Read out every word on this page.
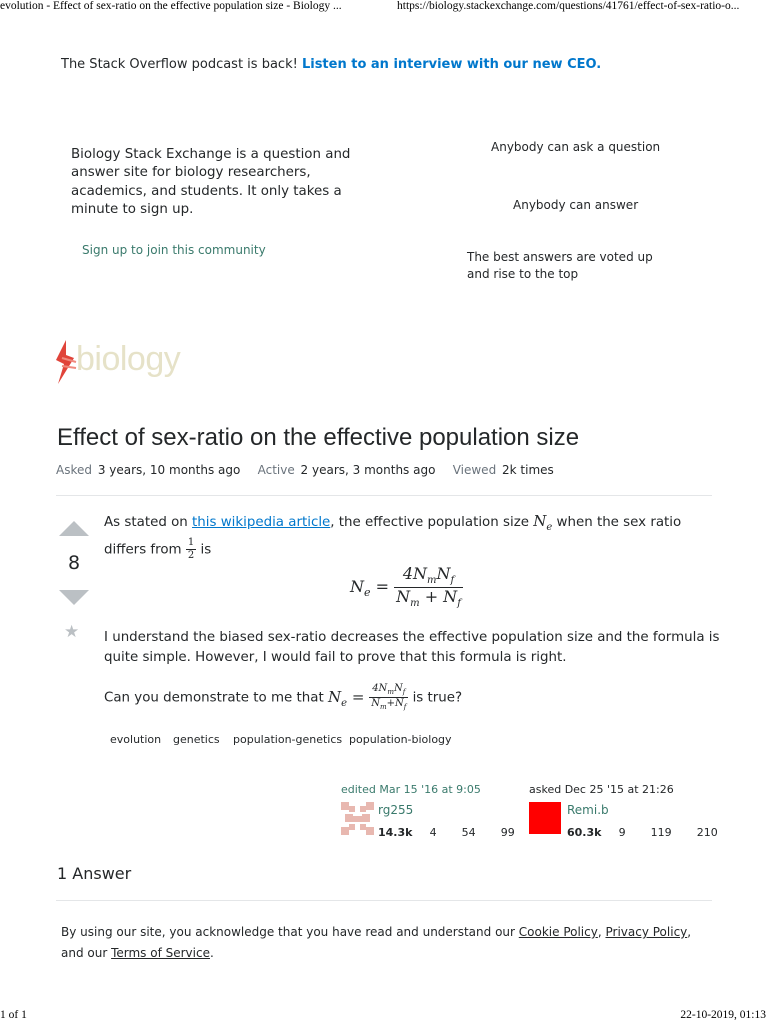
evolution - Effect of sex-ratio on the effective population size - Biology ...	https://biology.stackexchange.com/questions/41761/effect-of-sex-ratio-o...
The Stack Overflow podcast is back! Listen to an interview with our new CEO.
Biology Stack Exchange is a question and answer site for biology researchers, academics, and students. It only takes a minute to sign up.
Sign up to join this community
Anybody can ask a question
Anybody can answer
The best answers are voted up and rise to the top
biology
Effect of sex-ratio on the effective population size
Asked 3 years, 10 months ago Active 2 years, 3 months ago Viewed 2k times
8
★
As stated on this wikipedia article, the effective population size $N_e$ when the sex ratio differs from $\frac{1}{2}$ is
$N_e = \frac{4N_mN_f}{N_m + N_f}$
I understand the biased sex-ratio decreases the effective population size and the formula is quite simple. However, I would fail to prove that this formula is right.
Can you demonstrate to me that $N_e = \frac{4N_mN_f}{N_m+N_f}$ is true?
evolution genetics population-genetics population-biology
edited Mar 15 '16 at 9:05
rg255
14.3k 4 54 99
asked Dec 25 '15 at 21:26
Remi.b
60.3k 9 119 210
1 Answer
By using our site, you acknowledge that you have read and understand our Cookie Policy, Privacy Policy, and our Terms of Service.
1 of 1	22-10-2019, 01:13
